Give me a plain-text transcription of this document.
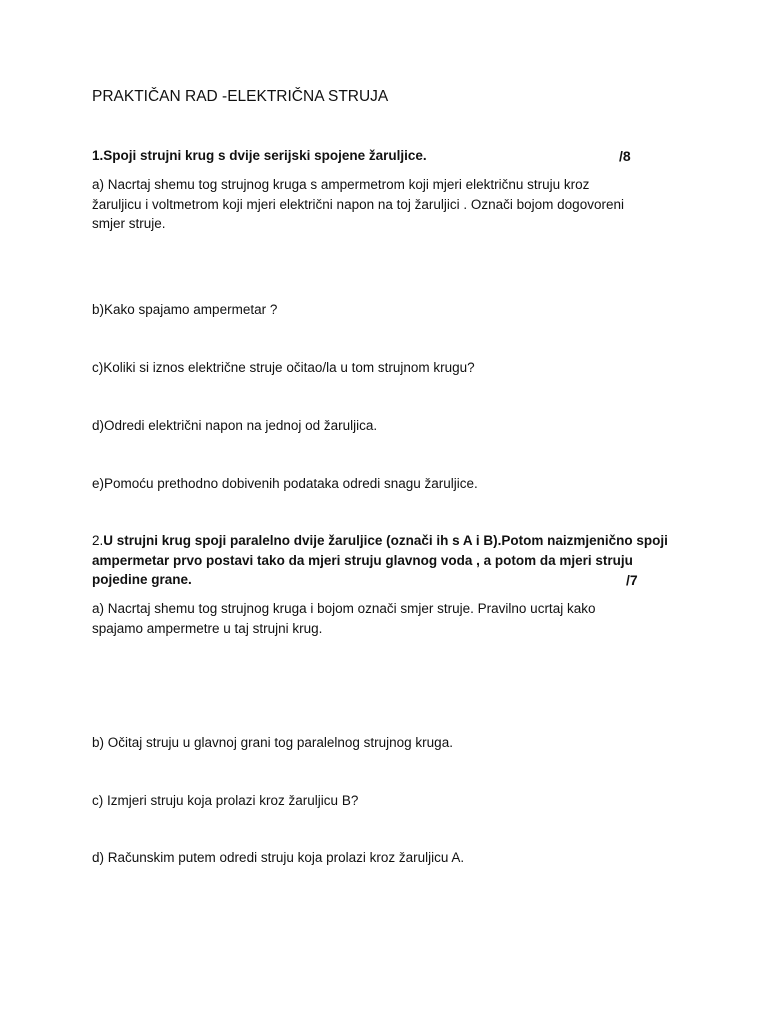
PRAKTIČAN RAD -ELEKTRIČNA STRUJA
1.Spoji strujni krug s dvije serijski spojene žaruljice.	/8
a) Nacrtaj shemu tog strujnog kruga s ampermetrom koji mjeri električnu struju kroz
žaruljicu i voltmetrom koji mjeri električni napon na toj žaruljici . Označi bojom dogovoreni
smjer struje.
b)Kako spajamo ampermetar ?
c)Koliki si iznos električne struje očitao/la u tom strujnom krugu?
d)Odredi električni napon na jednoj od žaruljica.
e)Pomoću prethodno dobivenih podataka odredi snagu žaruljice.
2.U strujni krug spoji paralelno dvije žaruljice (označi ih s A i B).Potom naizmjenično spoji
ampermetar prvo postavi tako da mjeri struju glavnog voda , a potom da mjeri struju
pojedine grane.	/7
a) Nacrtaj shemu tog strujnog kruga i bojom označi smjer struje. Pravilno ucrtaj kako
spajamo ampermetre u taj strujni krug.
b) Očitaj struju u glavnoj grani tog paralelnog strujnog kruga.
c) Izmjeri struju koja prolazi kroz žaruljicu B?
d) Računskim putem odredi struju koja prolazi kroz žaruljicu A.
